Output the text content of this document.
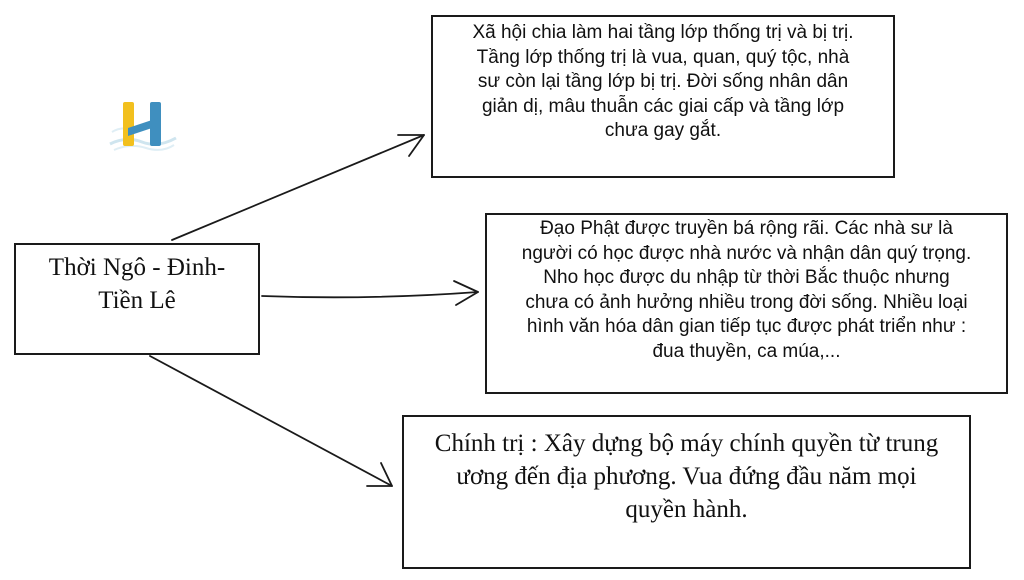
Thời Ngô - Đinh-
Tiền Lê
Xã hội chia làm hai tầng lớp thống trị và bị trị.
Tầng lớp thống trị là vua, quan, quý tộc, nhà
sư còn lại tầng lớp bị trị. Đời sống nhân dân
giản dị, mâu thuẫn các giai cấp và tầng lớp
chưa gay gắt.
Đạo Phật được truyền bá rộng rãi. Các nhà sư là
người có học được nhà nước và nhận dân quý trọng.
Nho học được du nhập từ thời Bắc thuộc nhưng
chưa có ảnh hưởng nhiều trong đời sống. Nhiều loại
hình văn hóa dân gian tiếp tục được phát triển như :
đua thuyền, ca múa,...
Chính trị : Xây dựng bộ máy chính quyền từ trung
ương đến địa phương. Vua đứng đầu năm mọi
quyền hành.
